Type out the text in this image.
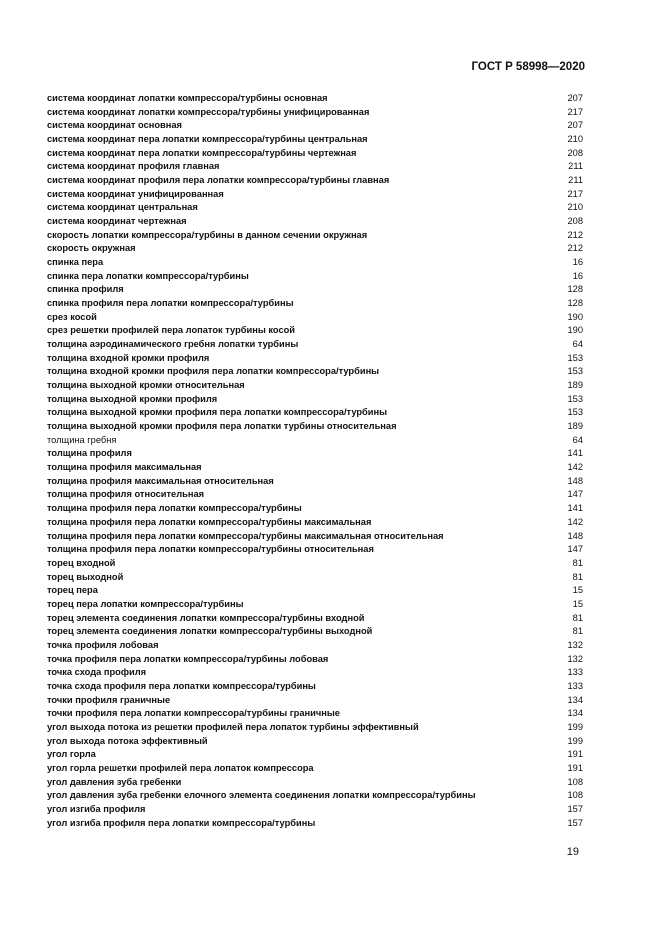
ГОСТ Р 58998—2020
система координат лопатки компрессора/турбины основная	207
система координат лопатки компрессора/турбины унифицированная	217
система координат основная	207
система координат пера лопатки компрессора/турбины центральная	210
система координат пера лопатки компрессора/турбины чертежная	208
система координат профиля главная	211
система координат профиля пера лопатки компрессора/турбины главная	211
система координат унифицированная	217
система координат центральная	210
система координат чертежная	208
скорость лопатки компрессора/турбины в данном сечении окружная	212
скорость окружная	212
спинка пера	16
спинка пера лопатки компрессора/турбины	16
спинка профиля	128
спинка профиля пера лопатки компрессора/турбины	128
срез косой	190
срез решетки профилей пера лопаток турбины косой	190
толщина аэродинамического гребня лопатки турбины	64
толщина входной кромки профиля	153
толщина входной кромки профиля пера лопатки компрессора/турбины	153
толщина выходной кромки относительная	189
толщина выходной кромки профиля	153
толщина выходной кромки профиля пера лопатки компрессора/турбины	153
толщина выходной кромки профиля пера лопатки турбины относительная	189
толщина гребня	64
толщина профиля	141
толщина профиля максимальная	142
толщина профиля максимальная относительная	148
толщина профиля относительная	147
толщина профиля пера лопатки компрессора/турбины	141
толщина профиля пера лопатки компрессора/турбины максимальная	142
толщина профиля пера лопатки компрессора/турбины максимальная относительная	148
толщина профиля пера лопатки компрессора/турбины относительная	147
торец входной	81
торец выходной	81
торец пера	15
торец пера лопатки компрессора/турбины	15
торец элемента соединения лопатки компрессора/турбины входной	81
торец элемента соединения лопатки компрессора/турбины выходной	81
точка профиля лобовая	132
точка профиля пера лопатки компрессора/турбины лобовая	132
точка схода профиля	133
точка схода профиля пера лопатки компрессора/турбины	133
точки профиля граничные	134
точки профиля пера лопатки компрессора/турбины граничные	134
угол выхода потока из решетки профилей пера лопаток турбины эффективный	199
угол выхода потока эффективный	199
угол горла	191
угол горла решетки профилей пера лопаток компрессора	191
угол давления зуба гребенки	108
угол давления зуба гребенки елочного элемента соединения лопатки компрессора/турбины	108
угол изгиба профиля	157
угол изгиба профиля пера лопатки компрессора/турбины	157
19
